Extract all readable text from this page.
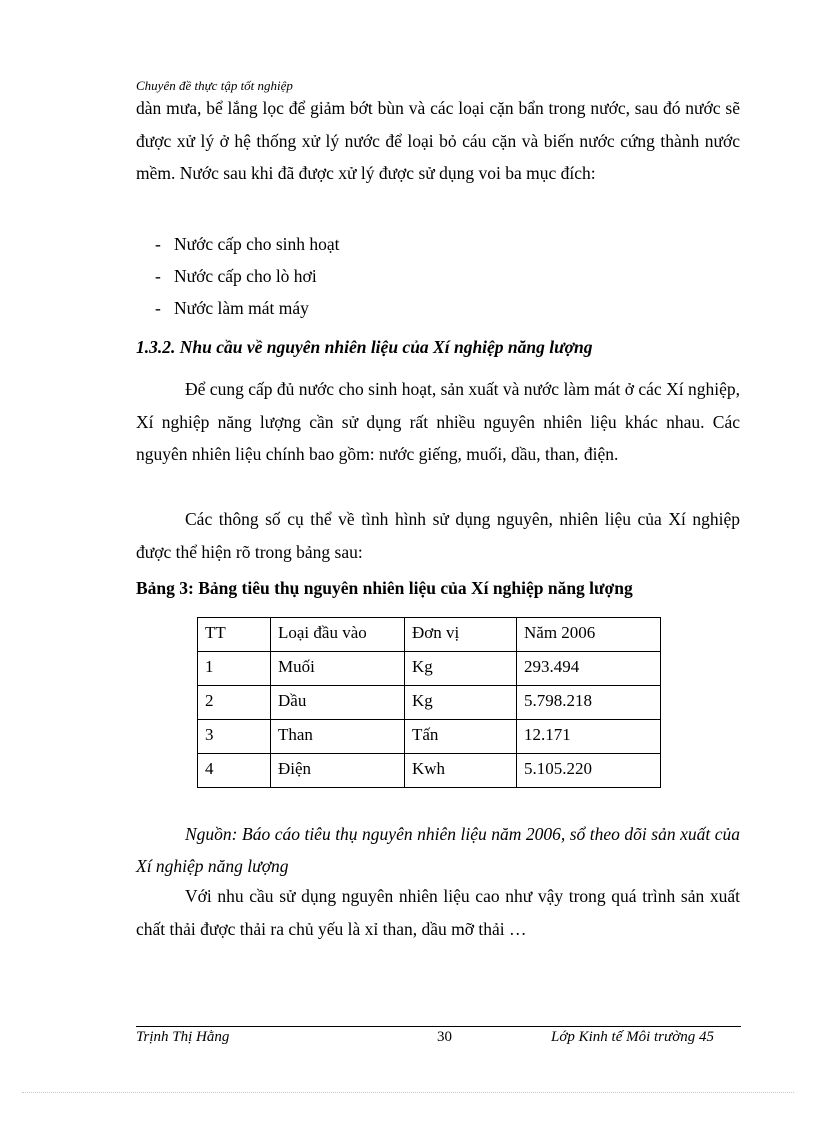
Chuyên đề thực tập tốt nghiệp
dàn mưa, bể lắng lọc để giảm bớt bùn và các loại cặn bẩn trong nước, sau đó nước sẽ được xử lý ở hệ thống xử lý nước để loại bỏ cáu cặn và biến nước cứng thành nước mềm. Nước sau khi đã được xử lý được sử dụng voi ba mục đích:
- Nước cấp cho sinh hoạt
- Nước cấp cho lò hơi
- Nước làm mát máy
1.3.2. Nhu cầu về nguyên nhiên liệu của Xí nghiệp năng lượng
Để cung cấp đủ nước cho sinh hoạt, sản xuất và nước làm mát ở các Xí nghiệp, Xí nghiệp năng lượng cần sử dụng rất nhiều nguyên nhiên liệu khác nhau. Các nguyên nhiên liệu chính bao gồm: nước giếng, muối, dầu, than, điện.
Các thông số cụ thể về tình hình sử dụng nguyên, nhiên liệu của Xí nghiệp được thể hiện rõ trong bảng sau:
Bảng 3: Bảng tiêu thụ nguyên nhiên liệu của Xí nghiệp năng lượng
TT	Loại đầu vào	Đơn vị	Năm 2006
1	Muối	Kg	293.494
2	Dầu	Kg	5.798.218
3	Than	Tấn	12.171
4	Điện	Kwh	5.105.220
Nguồn: Báo cáo tiêu thụ nguyên nhiên liệu năm 2006, sổ theo dõi sản xuất của Xí nghiệp năng lượng
Với nhu cầu sử dụng nguyên nhiên liệu cao như vậy trong quá trình sản xuất chất thải được thải ra chủ yếu là xỉ than, dầu mỡ thải …
Trịnh Thị Hằng	30	Lớp Kinh tế Môi trường 45
